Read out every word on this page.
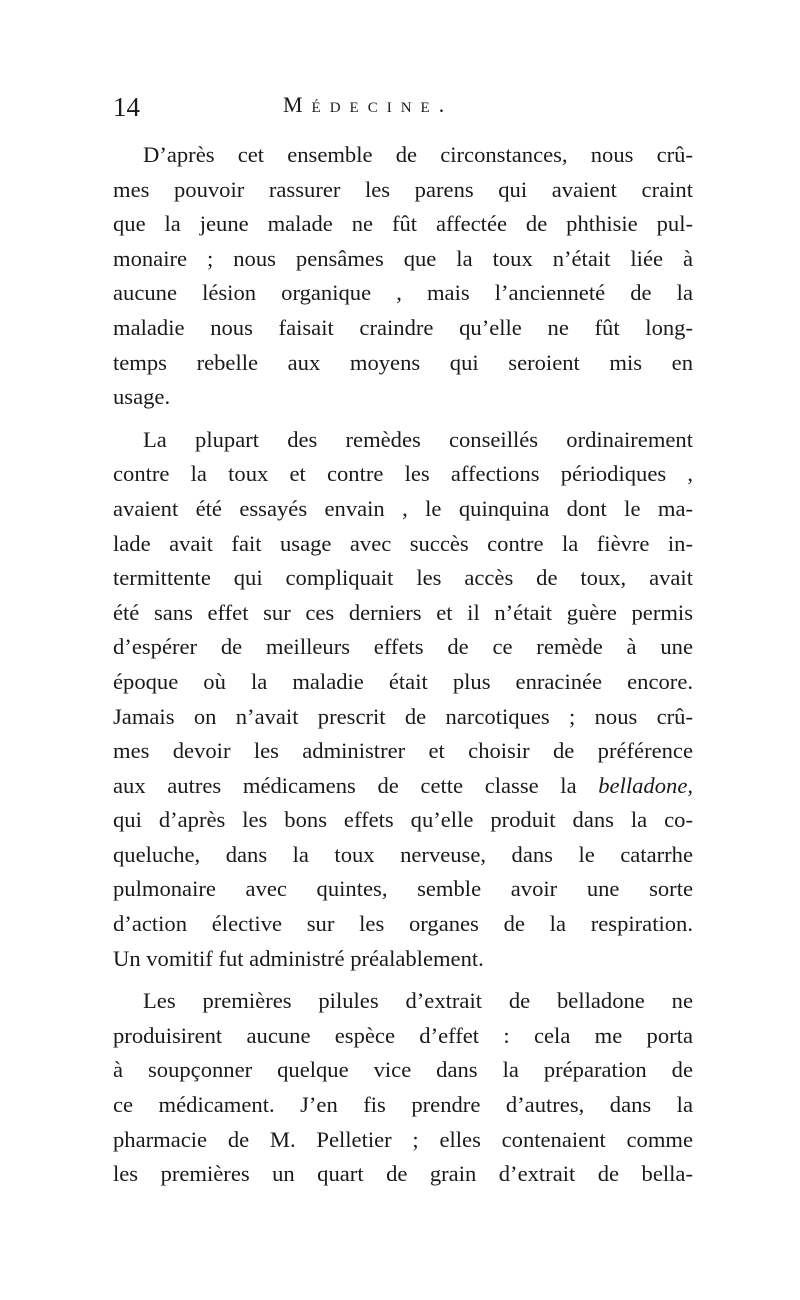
14	Médecine.
D’après cet ensemble de circonstances, nous crû-
mes pouvoir rassurer les parens qui avaient craint
que la jeune malade ne fût affectée de phthisie pul-
monaire ; nous pensâmes que la toux n’était liée à
aucune lésion organique , mais l’ancienneté de la
maladie nous faisait craindre qu’elle ne fût long-
temps rebelle aux moyens qui seroient mis en
usage.
La plupart des remèdes conseillés ordinairement
contre la toux et contre les affections périodiques ,
avaient été essayés envain , le quinquina dont le ma-
lade avait fait usage avec succès contre la fièvre in-
termittente qui compliquait les accès de toux, avait
été sans effet sur ces derniers et il n’était guère permis
d’espérer de meilleurs effets de ce remède à une
époque où la maladie était plus enracinée encore.
Jamais on n’avait prescrit de narcotiques ; nous crû-
mes devoir les administrer et choisir de préférence
aux autres médicamens de cette classe la belladone,
qui d’après les bons effets qu’elle produit dans la co-
queluche, dans la toux nerveuse, dans le catarrhe
pulmonaire avec quintes, semble avoir une sorte
d’action élective sur les organes de la respiration.
Un vomitif fut administré préalablement.
Les premières pilules d’extrait de belladone ne
produisirent aucune espèce d’effet : cela me porta
à soupçonner quelque vice dans la préparation de
ce médicament. J’en fis prendre d’autres, dans la
pharmacie de M. Pelletier ; elles contenaient comme
les premières un quart de grain d’extrait de bella-
